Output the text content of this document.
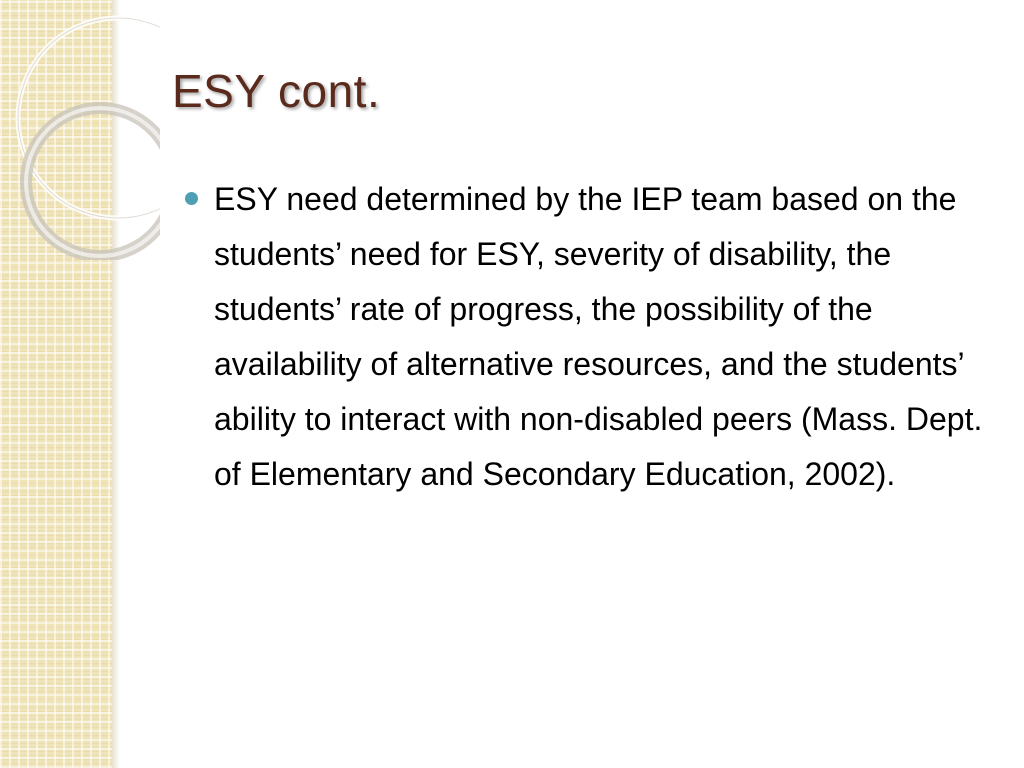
ESY cont.

ESY need determined by the IEP team based on the students’ need for ESY, severity of disability, the students’ rate of progress, the possibility of the availability of alternative resources, and the students’ ability to interact with non-disabled peers (Mass. Dept. of Elementary and Secondary Education, 2002).
